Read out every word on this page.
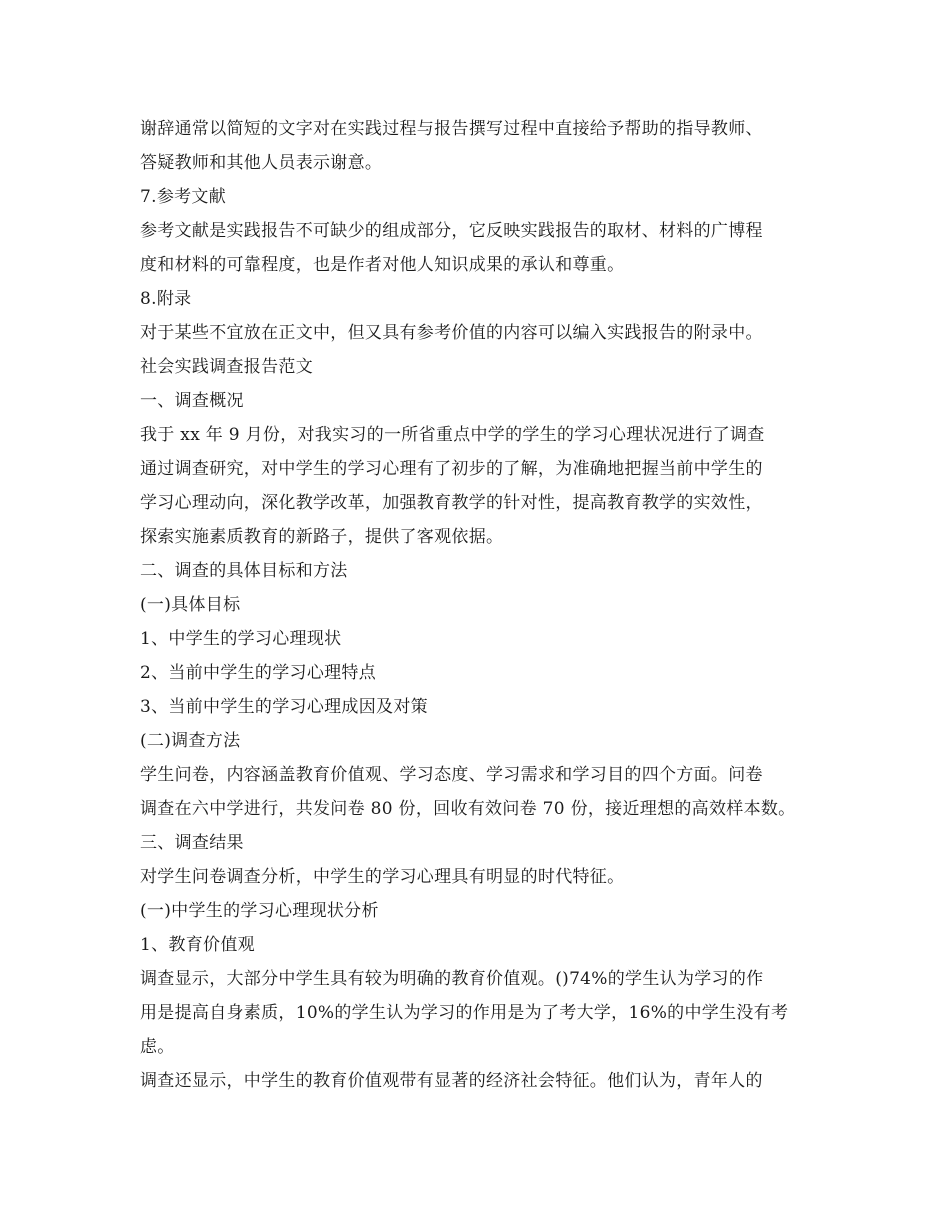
谢辞通常以简短的文字对在实践过程与报告撰写过程中直接给予帮助的指导教师、
答疑教师和其他人员表示谢意。
7.参考文献
参考文献是实践报告不可缺少的组成部分，它反映实践报告的取材、材料的广博程
度和材料的可靠程度，也是作者对他人知识成果的承认和尊重。
8.附录
对于某些不宜放在正文中，但又具有参考价值的内容可以编入实践报告的附录中。
社会实践调查报告范文
一、调查概况
我于 xx 年 9 月份，对我实习的一所省重点中学的学生的学习心理状况进行了调查
通过调查研究，对中学生的学习心理有了初步的了解，为准确地把握当前中学生的
学习心理动向，深化教学改革，加强教育教学的针对性，提高教育教学的实效性，
探索实施素质教育的新路子，提供了客观依据。
二、调查的具体目标和方法
(一)具体目标
1、中学生的学习心理现状
2、当前中学生的学习心理特点
3、当前中学生的学习心理成因及对策
(二)调查方法
学生问卷，内容涵盖教育价值观、学习态度、学习需求和学习目的四个方面。问卷
调查在六中学进行，共发问卷 80 份，回收有效问卷 70 份，接近理想的高效样本数。
三、调查结果
对学生问卷调查分析，中学生的学习心理具有明显的时代特征。
(一)中学生的学习心理现状分析
1、教育价值观
调查显示，大部分中学生具有较为明确的教育价值观。()74%的学生认为学习的作
用是提高自身素质，10%的学生认为学习的作用是为了考大学，16%的中学生没有考
虑。
调查还显示，中学生的教育价值观带有显著的经济社会特征。他们认为，青年人的
